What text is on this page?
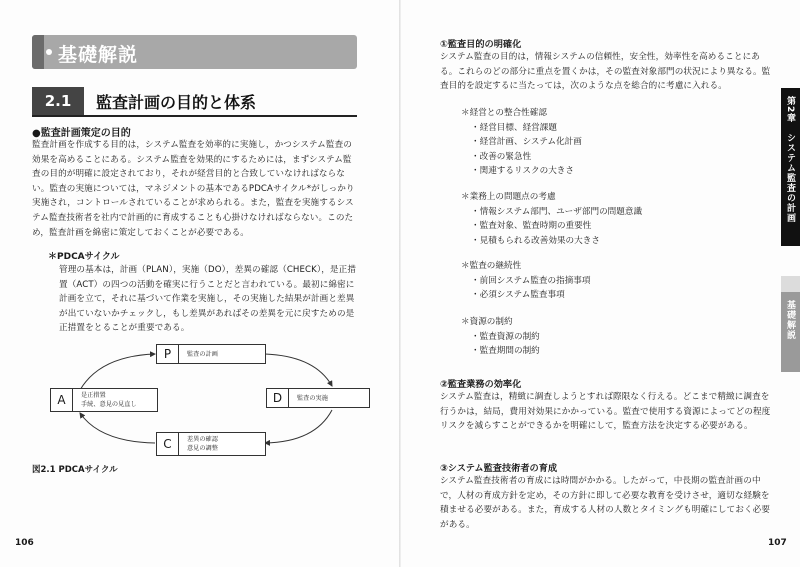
基礎解説
2.1	監査計画の目的と体系
●監査計画策定の目的

監査計画を作成する目的は，システム監査を効率的に実施し，かつシステム監査の効果を高めることにある。システム監査を効果的にするためには，まずシステム監査の目的が明確に設定されており，それが経営目的と合致していなければならない。監査の実施については，マネジメントの基本であるPDCAサイクル*がしっかり実施され，コントロールされていることが求められる。また，監査を実施するシステム監査技術者を社内で計画的に育成することも心掛けなければならない。このため，監査計画を綿密に策定しておくことが必要である。

＊PDCAサイクル

管理の基本は，計画（PLAN），実施（DO），差異の確認（CHECK），是正措置（ACT）の四つの活動を確実に行うことだと言われている。最初に綿密に計画を立て，それに基づいて作業を実施し，その実施した結果が計画と差異が出ていないかチェックし，もし差異があればその差異を元に戻すための是正措置をとることが重要である。

P	監査の計画
D	監査の実施
C	差異の確認
意見の調整
A	是正措置
手続、意見の見直し
図2.1 PDCAサイクル
106
①監査目的の明確化

システム監査の目的は，情報システムの信頼性，安全性，効率性を高めることにある。これらのどの部分に重点を置くかは，その監査対象部門の状況により異なる。監査目的を設定するに当たっては，次のような点を総合的に考慮に入れる。

＊経営との整合性確認
・経営目標、経営課題
・経営計画、システム化計画
・改善の緊急性
・関連するリスクの大きさ
＊業務上の問題点の考慮
・情報システム部門、ユーザ部門の問題意識
・監査対象、監査時期の重要性
・見積もられる改善効果の大きさ
＊監査の継続性
・前回システム監査の指摘事項
・必須システム監査事項
＊資源の制約
・監査資源の制約
・監査期間の制約
②監査業務の効率化

システム監査は，精緻に調査しようとすれば際限なく行える。どこまで精緻に調査を行うかは，結局，費用対効果にかかっている。監査で使用する資源によってどの程度リスクを減らすことができるかを明確にして，監査方法を決定する必要がある。

③システム監査技術者の育成

システム監査技術者の育成には時間がかかる。したがって，中長期の監査計画の中で，人材の育成方針を定め，その方針に即して必要な教育を受けさせ，適切な経験を積ませる必要がある。また，育成する人材の人数とタイミングも明確にしておく必要がある。

107
第2章　システム監査の計画
基礎解説
